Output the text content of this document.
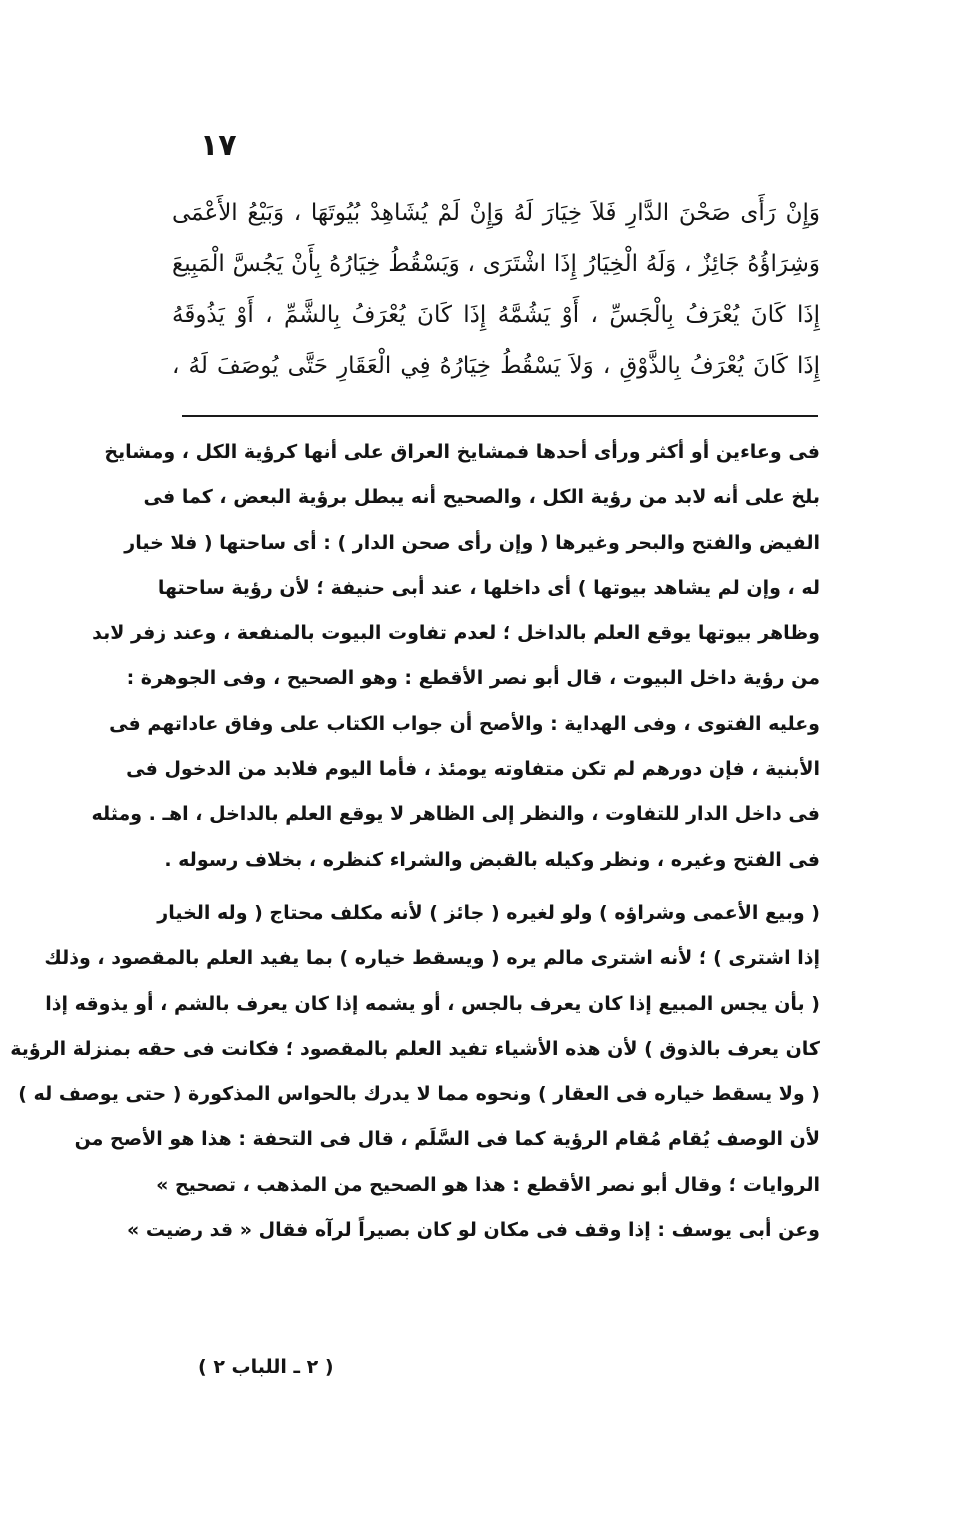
١٧
وَإِنْ رَأَى صَحْنَ الدَّارِ فَلاَ خِيَارَ لَهُ وَإِنْ لَمْ يُشَاهِدْ بُيُوتَهَا ، وَبَيْعُ الأَعْمَى
وَشِرَاؤُهُ جَائِزٌ ، وَلَهُ الْخِيَارُ إِذَا اشْتَرَى ، وَيَسْقُطُ خِيَارُهُ بِأَنْ يَجُسَّ الْمَبِيعَ
إِذَا كَانَ يُعْرَفُ بِالْجَسِّ ، أَوْ يَشُمَّهُ إِذَا كَانَ يُعْرَفُ بِالشَّمِّ ، أَوْ يَذُوقَهُ
إِذَا كَانَ يُعْرَفُ بِالذَّوْقِ ، وَلاَ يَسْقُطُ خِيَارُهُ فِي الْعَقَارِ حَتَّى يُوصَفَ لَهُ ،
فى وعاءين أو أكثر ورأى أحدها فمشايخ العراق على أنها كرؤية الكل ، ومشايخ
بلخ على أنه لابد من رؤية الكل ، والصحيح أنه يبطل برؤية البعض ، كما فى
الفيض والفتح والبحر وغيرها ( وإن رأى صحن الدار ) : أى ساحتها ( فلا خيار
له ، وإن لم يشاهد بيوتها ) أى داخلها ، عند أبى حنيفة ؛ لأن رؤية ساحتها
وظاهر بيوتها يوقع العلم بالداخل ؛ لعدم تفاوت البيوت بالمنفعة ، وعند زفر لابد
من رؤية داخل البيوت ، قال أبو نصر الأقطع : وهو الصحيح ، وفى الجوهرة :
وعليه الفتوى ، وفى الهداية : والأصح أن جواب الكتاب على وفاق عاداتهم فى
الأبنية ، فإن دورهم لم تكن متفاوته يومئذ ، فأما اليوم فلابد من الدخول فى
فى داخل الدار للتفاوت ، والنظر إلى الظاهر لا يوقع العلم بالداخل ، اهـ . ومثله
فى الفتح وغيره ، ونظر وكيله بالقبض والشراء كنظره ، بخلاف رسوله .
( وبيع الأعمى وشراؤه ) ولو لغيره ( جائز ) لأنه مكلف محتاج ( وله الخيار
إذا اشترى ) ؛ لأنه اشترى مالم يره ( ويسقط خياره ) بما يفيد العلم بالمقصود ، وذلك
( بأن يجس المبيع إذا كان يعرف بالجس ، أو يشمه إذا كان يعرف بالشم ، أو يذوقه إذا
كان يعرف بالذوق ) لأن هذه الأشياء تفيد العلم بالمقصود ؛ فكانت فى حقه بمنزلة الرؤية
( ولا يسقط خياره فى العقار ) ونحوه مما لا يدرك بالحواس المذكورة ( حتى يوصف له )
لأن الوصف يُقام مُقام الرؤية كما فى السَّلَم ، قال فى التحفة : هذا هو الأصح من
الروايات ؛ وقال أبو نصر الأقطع : هذا هو الصحيح من المذهب ، تصحيح »
وعن أبى يوسف : إذا وقف فى مكان لو كان بصيراً لرآه فقال « قد رضيت »
( ٢ ـ اللباب ٢ )
